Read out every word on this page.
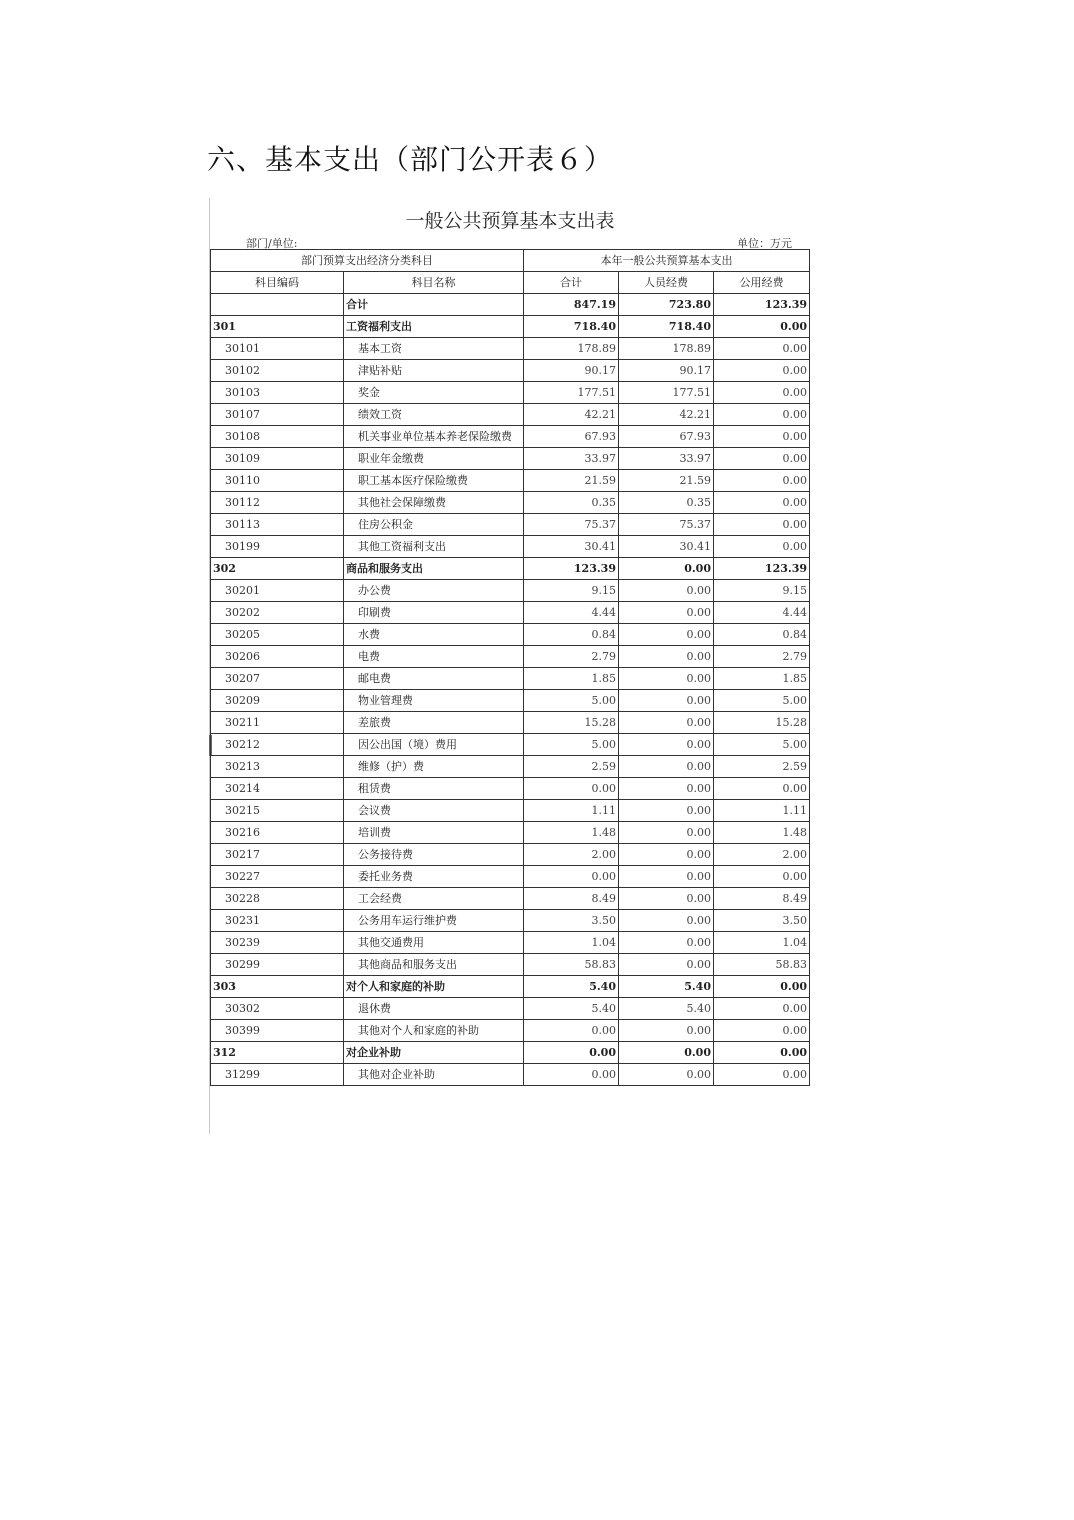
六、基本支出（部门公开表６）
一般公共预算基本支出表
部门/单位:	单位：万元
部门预算支出经济分类科目		本年一般公共预算基本支出		
科目编码	科目名称	合计	人员经费	公用经费
	合计	847.19	723.80	123.39
301	工资福利支出	718.40	718.40	0.00
30101	基本工资	178.89	178.89	0.00
30102	津贴补贴	90.17	90.17	0.00
30103	奖金	177.51	177.51	0.00
30107	绩效工资	42.21	42.21	0.00
30108	机关事业单位基本养老保险缴费	67.93	67.93	0.00
30109	职业年金缴费	33.97	33.97	0.00
30110	职工基本医疗保险缴费	21.59	21.59	0.00
30112	其他社会保障缴费	0.35	0.35	0.00
30113	住房公积金	75.37	75.37	0.00
30199	其他工资福利支出	30.41	30.41	0.00
302	商品和服务支出	123.39	0.00	123.39
30201	办公费	9.15	0.00	9.15
30202	印刷费	4.44	0.00	4.44
30205	水费	0.84	0.00	0.84
30206	电费	2.79	0.00	2.79
30207	邮电费	1.85	0.00	1.85
30209	物业管理费	5.00	0.00	5.00
30211	差旅费	15.28	0.00	15.28
30212	因公出国（境）费用	5.00	0.00	5.00
30213	维修（护）费	2.59	0.00	2.59
30214	租赁费	0.00	0.00	0.00
30215	会议费	1.11	0.00	1.11
30216	培训费	1.48	0.00	1.48
30217	公务接待费	2.00	0.00	2.00
30227	委托业务费	0.00	0.00	0.00
30228	工会经费	8.49	0.00	8.49
30231	公务用车运行维护费	3.50	0.00	3.50
30239	其他交通费用	1.04	0.00	1.04
30299	其他商品和服务支出	58.83	0.00	58.83
303	对个人和家庭的补助	5.40	5.40	0.00
30302	退休费	5.40	5.40	0.00
30399	其他对个人和家庭的补助	0.00	0.00	0.00
312	对企业补助	0.00	0.00	0.00
31299	其他对企业补助	0.00	0.00	0.00
